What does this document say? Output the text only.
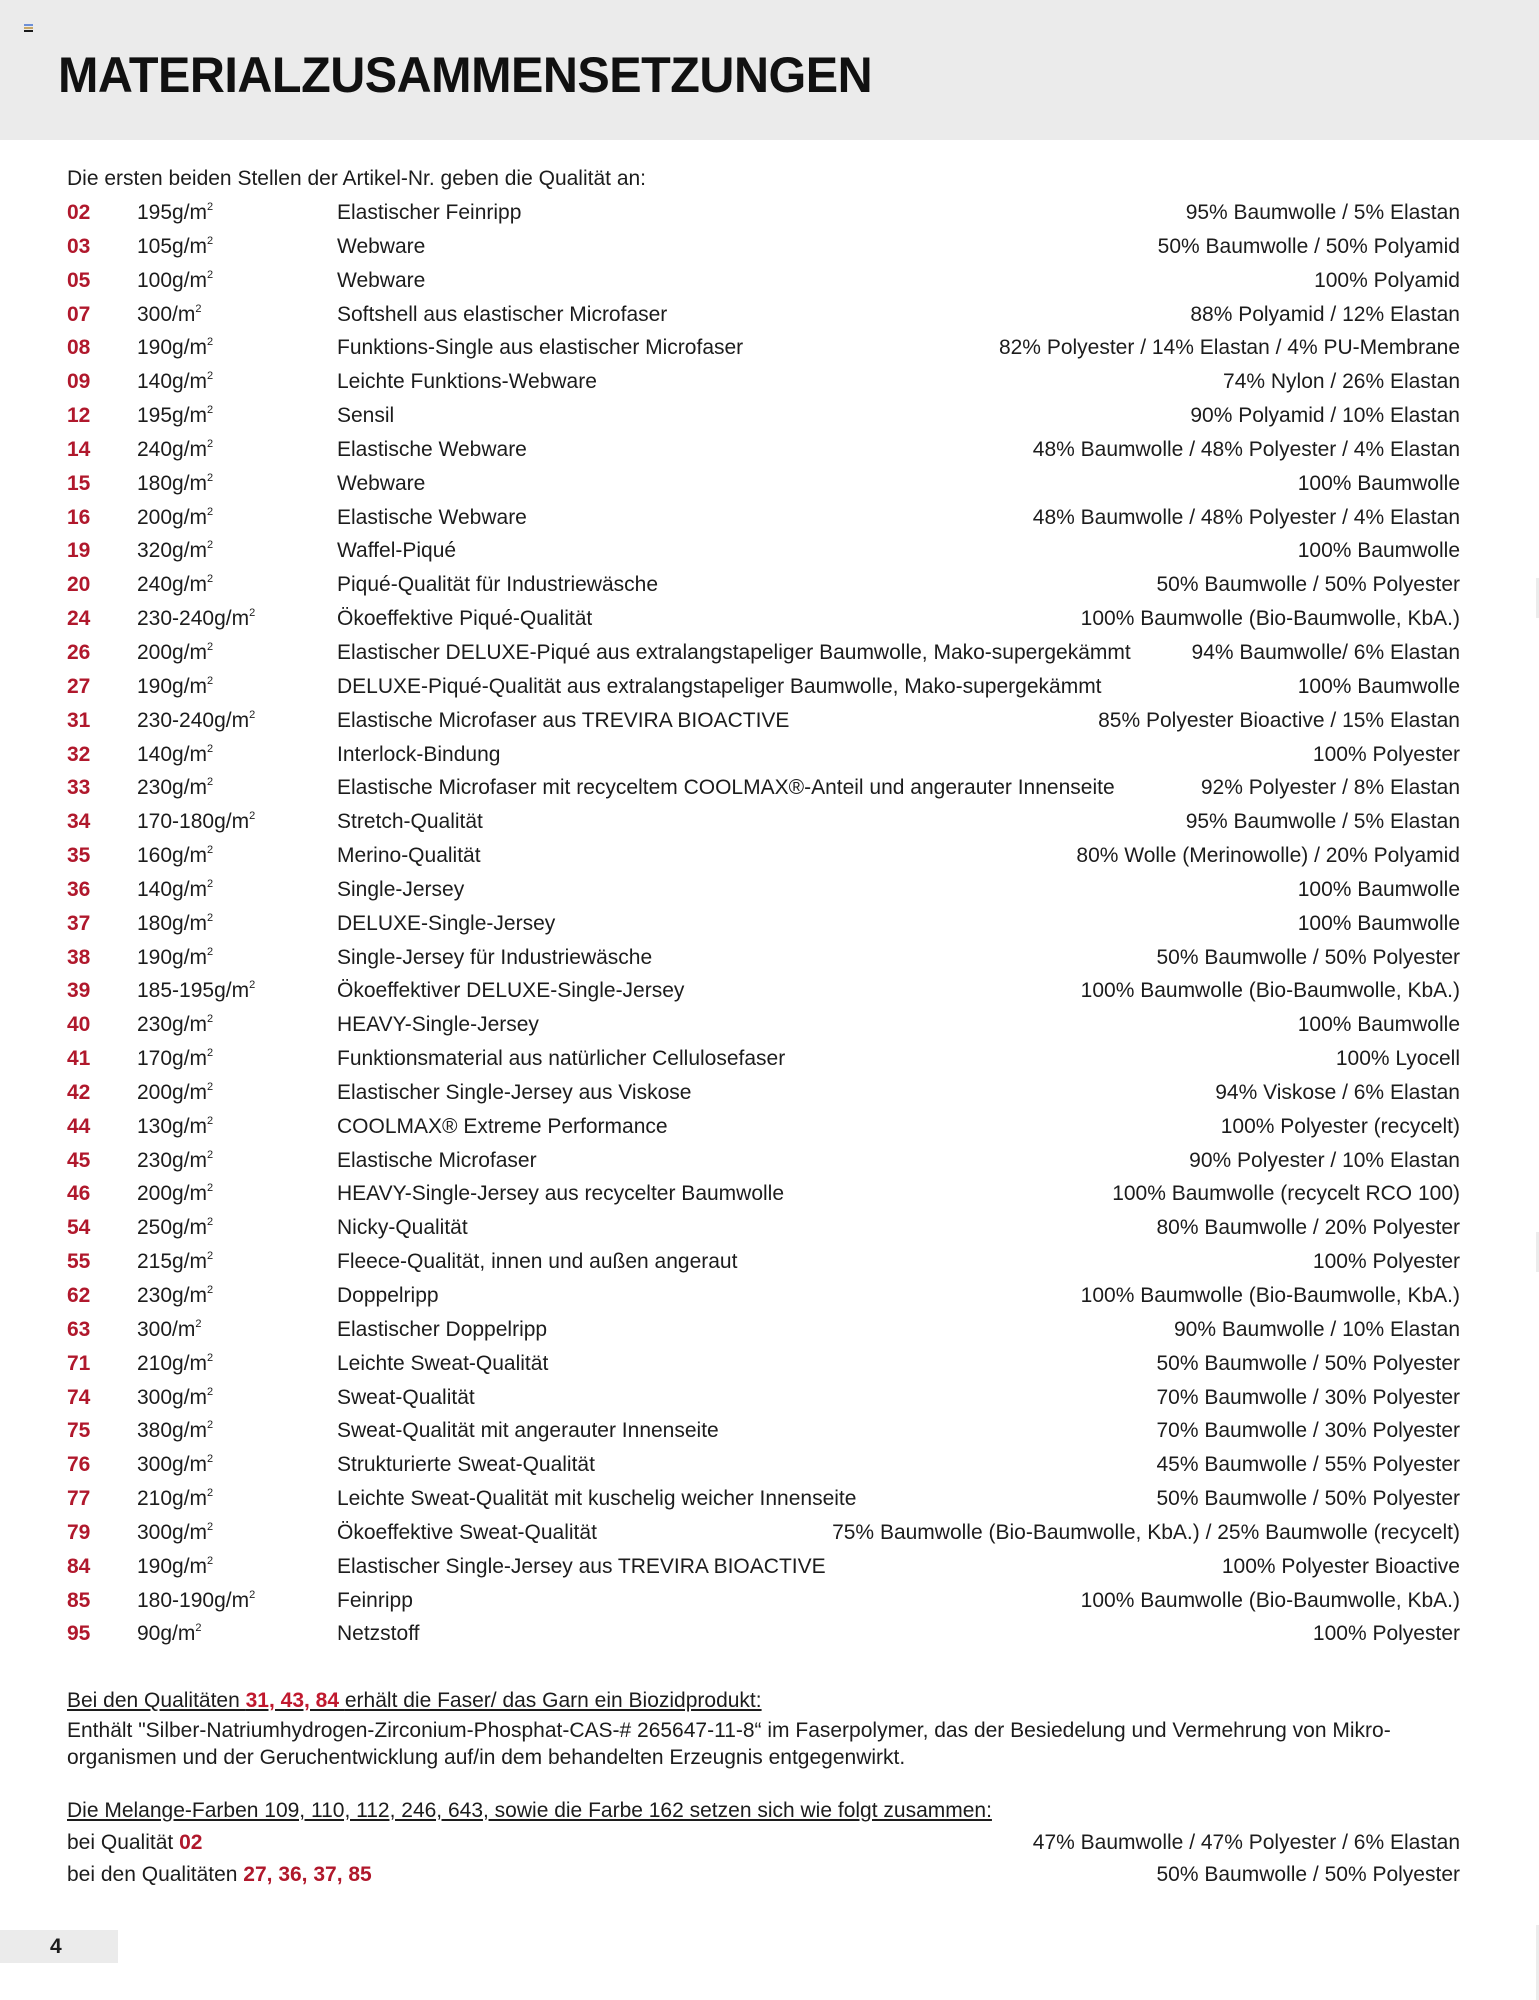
MATERIALZUSAMMENSETZUNGEN
Die ersten beiden Stellen der Artikel-Nr. geben die Qualität an:
02 $195g/m^2$	Elastischer Feinripp	95% Baumwolle / 5% Elastan
03 $105g/m^2$	Webware	50% Baumwolle / 50% Polyamid
05 $100g/m^2$	Webware	100% Polyamid
07 $300/m^2$	Softshell aus elastischer Microfaser	88% Polyamid / 12% Elastan
08 $190g/m^2$	Funktions-Single aus elastischer Microfaser	82% Polyester / 14% Elastan / 4% PU-Membrane
09 $140g/m^2$	Leichte Funktions-Webware	74% Nylon / 26% Elastan
12 $195g/m^2$	Sensil	90% Polyamid / 10% Elastan
14 $240g/m^2$	Elastische Webware	48% Baumwolle / 48% Polyester / 4% Elastan
15 $180g/m^2$	Webware	100% Baumwolle
16 $200g/m^2$	Elastische Webware	48% Baumwolle / 48% Polyester / 4% Elastan
19 $320g/m^2$	Waffel-Piqué	100% Baumwolle
20 $240g/m^2$	Piqué-Qualität für Industriewäsche	50% Baumwolle / 50% Polyester
24 $230-240g/m^2$	Ökoeffektive Piqué-Qualität	100% Baumwolle (Bio-Baumwolle, KbA.)
26 $200g/m^2$	Elastischer DELUXE-Piqué aus extralangstapeliger Baumwolle, Mako-supergekämmt	94% Baumwolle/ 6% Elastan
27 $190g/m^2$	DELUXE-Piqué-Qualität aus extralangstapeliger Baumwolle, Mako-supergekämmt	100% Baumwolle
31 $230-240g/m^2$	Elastische Microfaser aus TREVIRA BIOACTIVE	85% Polyester Bioactive / 15% Elastan
32 $140g/m^2$	Interlock-Bindung	100% Polyester
33 $230g/m^2$	Elastische Microfaser mit recyceltem COOLMAX®-Anteil und angerauter Innenseite	92% Polyester / 8% Elastan
34 $170-180g/m^2$	Stretch-Qualität	95% Baumwolle / 5% Elastan
35 $160g/m^2$	Merino-Qualität	80% Wolle (Merinowolle) / 20% Polyamid
36 $140g/m^2$	Single-Jersey	100% Baumwolle
37 $180g/m^2$	DELUXE-Single-Jersey	100% Baumwolle
38 $190g/m^2$	Single-Jersey für Industriewäsche	50% Baumwolle / 50% Polyester
39 $185-195g/m^2$	Ökoeffektiver DELUXE-Single-Jersey	100% Baumwolle (Bio-Baumwolle, KbA.)
40 $230g/m^2$	HEAVY-Single-Jersey	100% Baumwolle
41 $170g/m^2$	Funktionsmaterial aus natürlicher Cellulosefaser	100% Lyocell
42 $200g/m^2$	Elastischer Single-Jersey aus Viskose	94% Viskose / 6% Elastan
44 $130g/m^2$	COOLMAX® Extreme Performance	100% Polyester (recycelt)
45 $230g/m^2$	Elastische Microfaser	90% Polyester / 10% Elastan
46 $200g/m^2$	HEAVY-Single-Jersey aus recycelter Baumwolle	100% Baumwolle (recycelt RCO 100)
54 $250g/m^2$	Nicky-Qualität	80% Baumwolle / 20% Polyester
55 $215g/m^2$	Fleece-Qualität, innen und außen angeraut	100% Polyester
62 $230g/m^2$	Doppelripp	100% Baumwolle (Bio-Baumwolle, KbA.)
63 $300/m^2$	Elastischer Doppelripp	90% Baumwolle / 10% Elastan
71 $210g/m^2$	Leichte Sweat-Qualität	50% Baumwolle / 50% Polyester
74 $300g/m^2$	Sweat-Qualität	70% Baumwolle / 30% Polyester
75 $380g/m^2$	Sweat-Qualität mit angerauter Innenseite	70% Baumwolle / 30% Polyester
76 $300g/m^2$	Strukturierte Sweat-Qualität	45% Baumwolle / 55% Polyester
77 $210g/m^2$	Leichte Sweat-Qualität mit kuschelig weicher Innenseite	50% Baumwolle / 50% Polyester
79 $300g/m^2$	Ökoeffektive Sweat-Qualität	75% Baumwolle (Bio-Baumwolle, KbA.) / 25% Baumwolle (recycelt)
84 $190g/m^2$	Elastischer Single-Jersey aus TREVIRA BIOACTIVE	100% Polyester Bioactive
85 $180-190g/m^2$	Feinripp	100% Baumwolle (Bio-Baumwolle, KbA.)
95 $90g/m^2$	Netzstoff	100% Polyester
Bei den Qualitäten 31, 43, 84 erhält die Faser/ das Garn ein Biozidprodukt:
Enthält "Silber-Natriumhydrogen-Zirconium-Phosphat-CAS-# 265647-11-8“ im Faserpolymer, das der Besiedelung und Vermehrung von Mikro- organismen und der Geruchentwicklung auf/in dem behandelten Erzeugnis entgegenwirkt.
Die Melange-Farben 109, 110, 112, 246, 643, sowie die Farbe 162 setzen sich wie folgt zusammen:
bei Qualität 02	47% Baumwolle / 47% Polyester / 6% Elastan
bei den Qualitäten 27, 36, 37, 85	50% Baumwolle / 50% Polyester
4
